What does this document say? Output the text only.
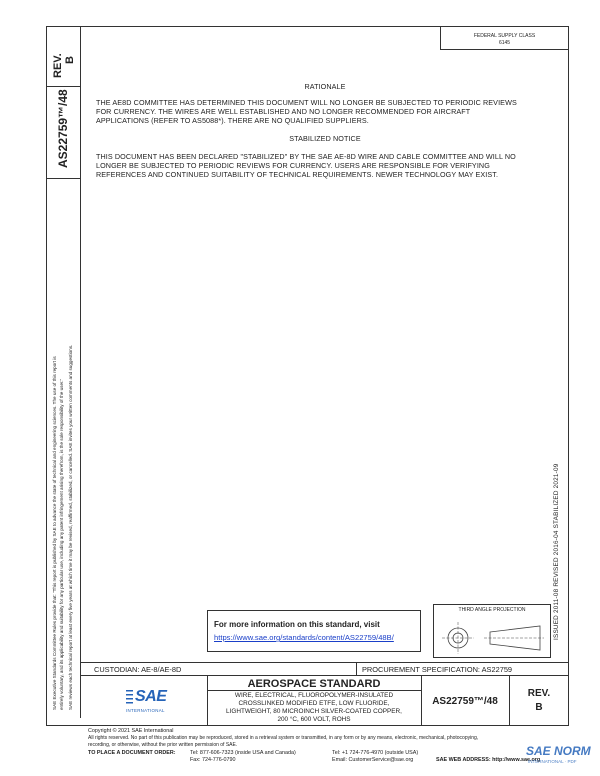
REV. B
AS22759™/48
SAE Executive Standards Committee Rules provide that: "This report is published by SAE to advance the state of technical and engineering sciences. The use of this report is entirely voluntary, and its applicability and suitability for any particular use, including any patent infringement arising therefrom, is the sole responsibility of the user." SAE reviews each technical report at least every five years at which time it may be revised, reaffirmed, stabilized, or cancelled. SAE invites your written comments and suggestions.
FEDERAL SUPPLY CLASS
6145
RATIONALE
THE AE8D COMMITTEE HAS DETERMINED THIS DOCUMENT WILL NO LONGER BE SUBJECTED TO PERIODIC REVIEWS FOR CURRENCY. THE WIRES ARE WELL ESTABLISHED AND NO LONGER RECOMMENDED FOR AIRCRAFT APPLICATIONS (REFER TO AS5088*). THERE ARE NO QUALIFIED SUPPLIERS.
STABILIZED NOTICE
THIS DOCUMENT HAS BEEN DECLARED "STABILIZED" BY THE SAE AE-8D WIRE AND CABLE COMMITTEE AND WILL NO LONGER BE SUBJECTED TO PERIODIC REVIEWS FOR CURRENCY. USERS ARE RESPONSIBLE FOR VERIFYING REFERENCES AND CONTINUED SUITABILITY OF TECHNICAL REQUIREMENTS. NEWER TECHNOLOGY MAY EXIST.
ISSUED 2011-08 REVISED 2016-04 STABILIZED 2021-09
For more information on this standard, visit
https://www.sae.org/standards/content/AS22759/48B/
THIRD ANGLE PROJECTION
CUSTODIAN: AE-8/AE-8D	PROCUREMENT SPECIFICATION: AS22759
SAE
INTERNATIONAL
AEROSPACE STANDARD
WIRE, ELECTRICAL, FLUOROPOLYMER-INSULATED
CROSSLINKED MODIFIED ETFE, LOW FLUORIDE,
LIGHTWEIGHT, 80 MICROINCH SILVER-COATED COPPER,
200 °C, 600 VOLT, ROHS
AS22759™/48
REV.
B
Copyright © 2021 SAE International
All rights reserved. No part of this publication may be reproduced, stored in a retrieval system or transmitted, in any form or by any means, electronic, mechanical, photocopying,
recording, or otherwise, without the prior written permission of SAE.
TO PLACE A DOCUMENT ORDER:	Tel: 877-606-7323 (inside USA and Canada)
Fax: 724-776-0790
Tel: +1 724-776-4970 (outside USA)
Email: CustomerService@sae.org	SAE WEB ADDRESS: http://www.sae.org
SAE NORM
INTERNATIONAL · PDF
